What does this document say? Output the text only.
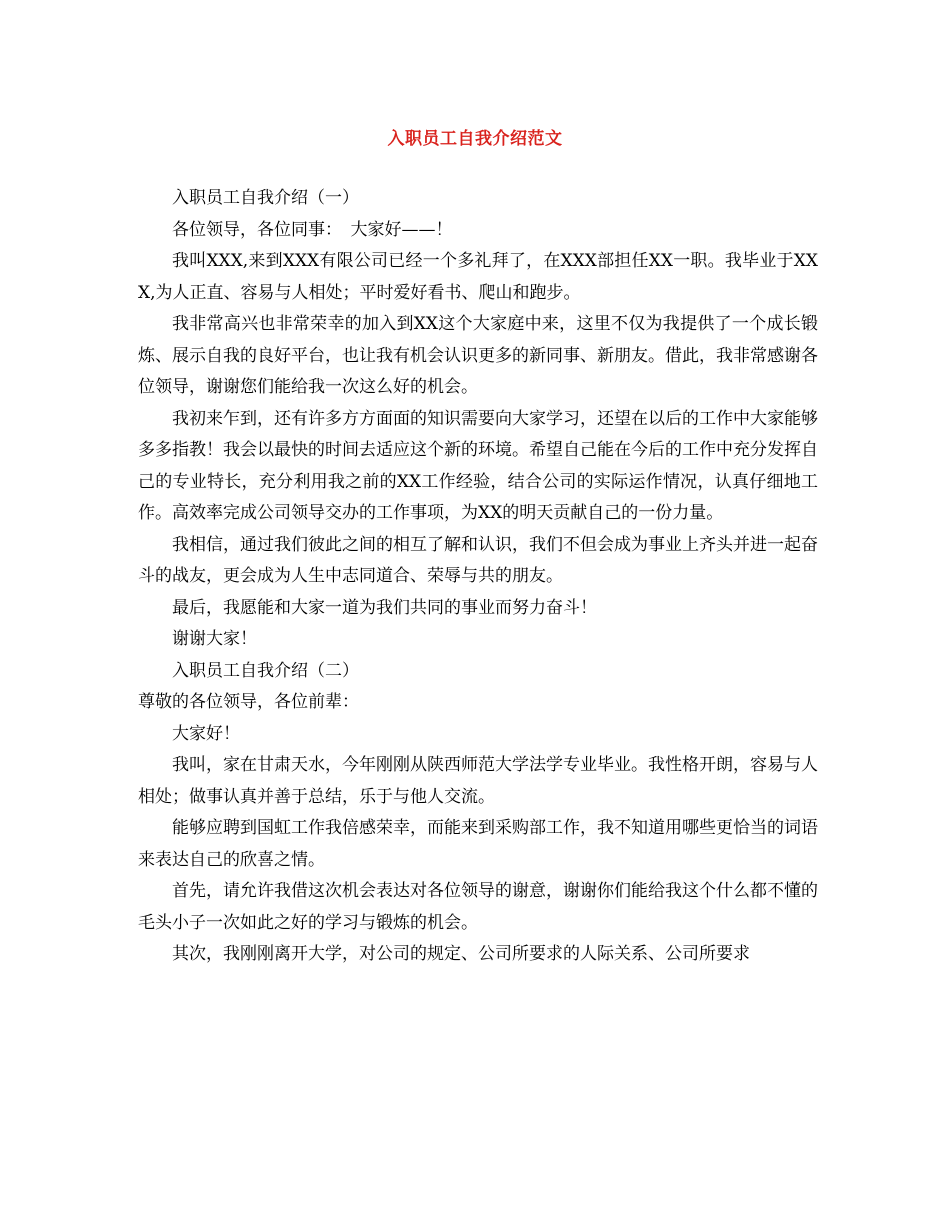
入职员工自我介绍范文

入职员工自我介绍（一）

各位领导，各位同事：　大家好——！

我叫XXX,来到XXX有限公司已经一个多礼拜了，在XXX部担任XX一职。我毕业于XXX,为人正直、容易与人相处；平时爱好看书、爬山和跑步。

我非常高兴也非常荣幸的加入到XX这个大家庭中来，这里不仅为我提供了一个成长锻炼、展示自我的良好平台，也让我有机会认识更多的新同事、新朋友。借此，我非常感谢各位领导，谢谢您们能给我一次这么好的机会。

我初来乍到，还有许多方方面面的知识需要向大家学习，还望在以后的工作中大家能够多多指教！我会以最快的时间去适应这个新的环境。希望自己能在今后的工作中充分发挥自己的专业特长，充分利用我之前的XX工作经验，结合公司的实际运作情况，认真仔细地工作。高效率完成公司领导交办的工作事项，为XX的明天贡献自己的一份力量。

我相信，通过我们彼此之间的相互了解和认识，我们不但会成为事业上齐头并进一起奋斗的战友，更会成为人生中志同道合、荣辱与共的朋友。

最后，我愿能和大家一道为我们共同的事业而努力奋斗！

谢谢大家！

入职员工自我介绍（二）

尊敬的各位领导，各位前辈：

大家好！

我叫，家在甘肃天水，今年刚刚从陕西师范大学法学专业毕业。我性格开朗，容易与人相处；做事认真并善于总结，乐于与他人交流。

能够应聘到国虹工作我倍感荣幸，而能来到采购部工作，我不知道用哪些更恰当的词语来表达自己的欣喜之情。

首先，请允许我借这次机会表达对各位领导的谢意，谢谢你们能给我这个什么都不懂的毛头小子一次如此之好的学习与锻炼的机会。

其次，我刚刚离开大学，对公司的规定、公司所要求的人际关系、公司所要求
